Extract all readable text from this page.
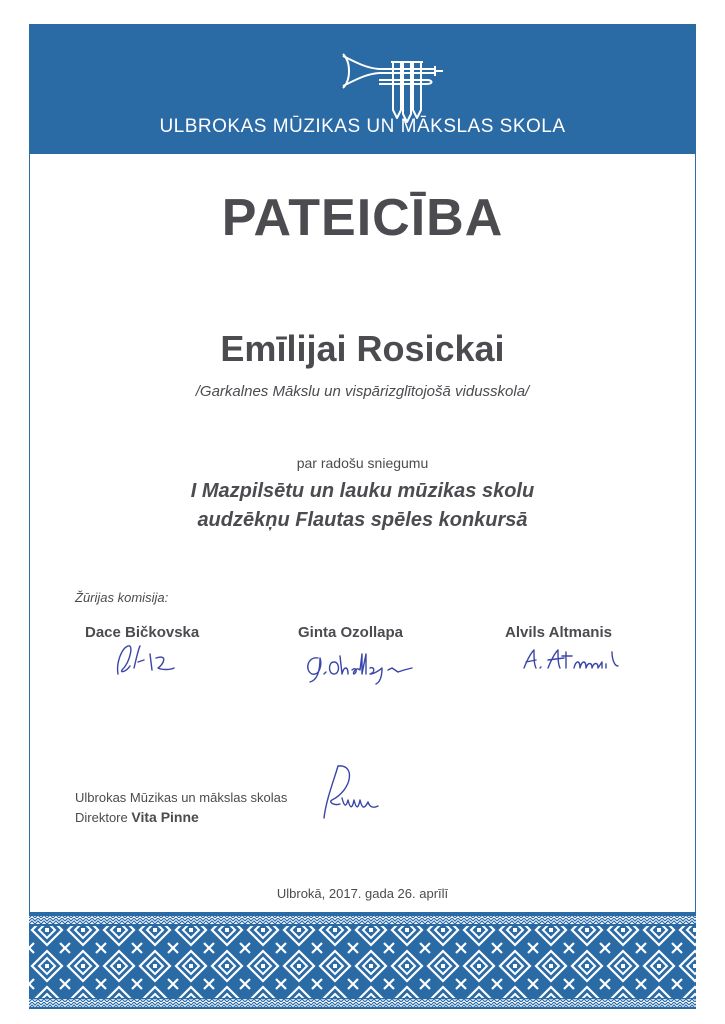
ULBROKAS MŪZIKAS UN MĀKSLAS SKOLA
PATEICĪBA
Emīlijai Rosickai
/Garkalnes Mākslu un vispārizglītojošā vidusskola/
par radošu sniegumu
I Mazpilsētu un lauku mūzikas skolu
audzēkņu Flautas spēles konkursā
Žūrijas komisija:
Dace Bičkovska	Ginta Ozollapa	Alvils Altmanis
Ulbrokas Mūzikas un mākslas skolas
Direktore Vita Pinne
Ulbrokā, 2017. gada 26. aprīlī
